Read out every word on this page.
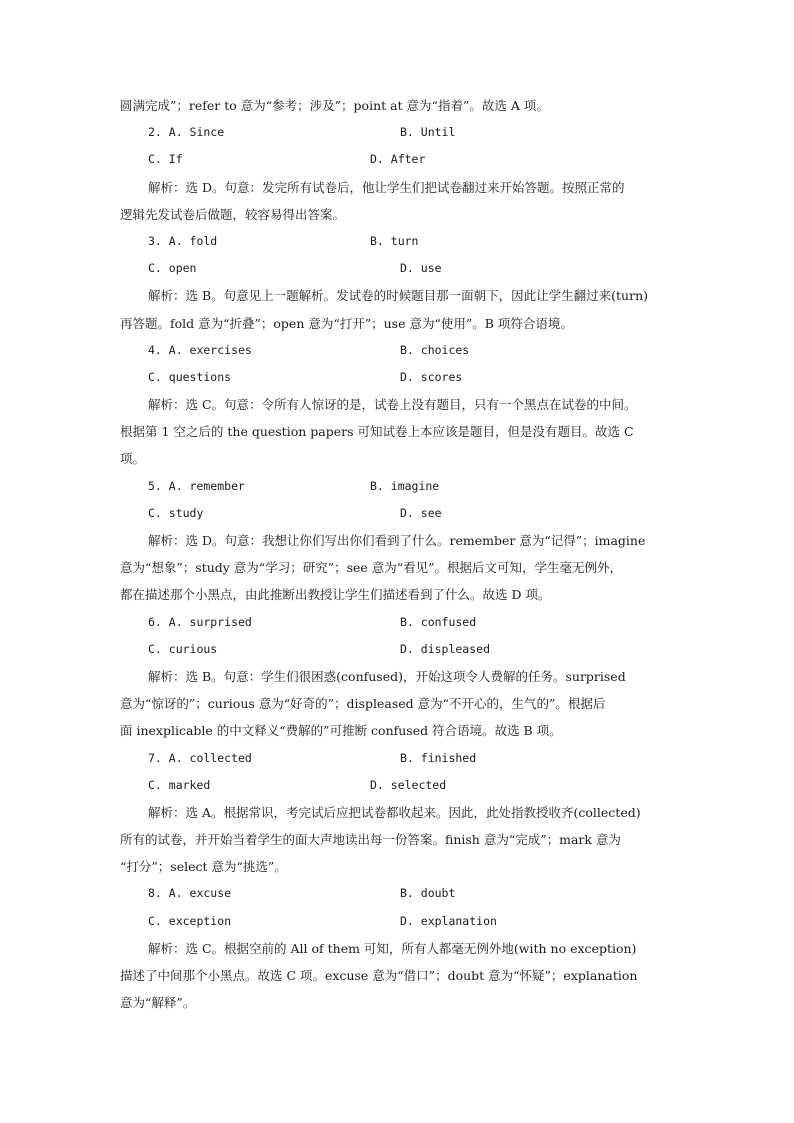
圆满完成”；refer to 意为“参考；涉及”；point at 意为“指着”。故选 A 项。
2. A. Since	B. Until
C. If	D. After
解析：选 D。句意：发完所有试卷后，他让学生们把试卷翻过来开始答题。按照正常的
逻辑先发试卷后做题，较容易得出答案。
3. A. fold	B. turn
C. open	D. use
解析：选 B。句意见上一题解析。发试卷的时候题目那一面朝下，因此让学生翻过来(turn)
再答题。fold 意为“折叠”；open 意为“打开”；use 意为“使用”。B 项符合语境。
4. A. exercises	B. choices
C. questions	D. scores
解析：选 C。句意：令所有人惊讶的是，试卷上没有题目，只有一个黑点在试卷的中间。
根据第 1 空之后的 the question papers 可知试卷上本应该是题目，但是没有题目。故选 C
项。
5. A. remember	B. imagine
C. study	D. see
解析：选 D。句意：我想让你们写出你们看到了什么。remember 意为“记得”；imagine
意为“想象”；study 意为“学习；研究”；see 意为“看见”。根据后文可知，学生毫无例外，
都在描述那个小黑点，由此推断出教授让学生们描述看到了什么。故选 D 项。
6. A. surprised	B. confused
C. curious	D. displeased
解析：选 B。句意：学生们很困惑(confused)，开始这项令人费解的任务。surprised
意为“惊讶的”；curious 意为“好奇的”；displeased 意为“不开心的，生气的”。根据后
面 inexplicable 的中文释义“费解的”可推断 confused 符合语境。故选 B 项。
7. A. collected	B. finished
C. marked	D. selected
解析：选 A。根据常识，考完试后应把试卷都收起来。因此，此处指教授收齐(collected)
所有的试卷，并开始当着学生的面大声地读出每一份答案。finish 意为“完成”；mark 意为
“打分”；select 意为“挑选”。
8. A. excuse	B. doubt
C. exception	D. explanation
解析：选 C。根据空前的 All of them 可知，所有人都毫无例外地(with no exception)
描述了中间那个小黑点。故选 C 项。excuse 意为“借口”；doubt 意为“怀疑”；explanation
意为“解释”。
